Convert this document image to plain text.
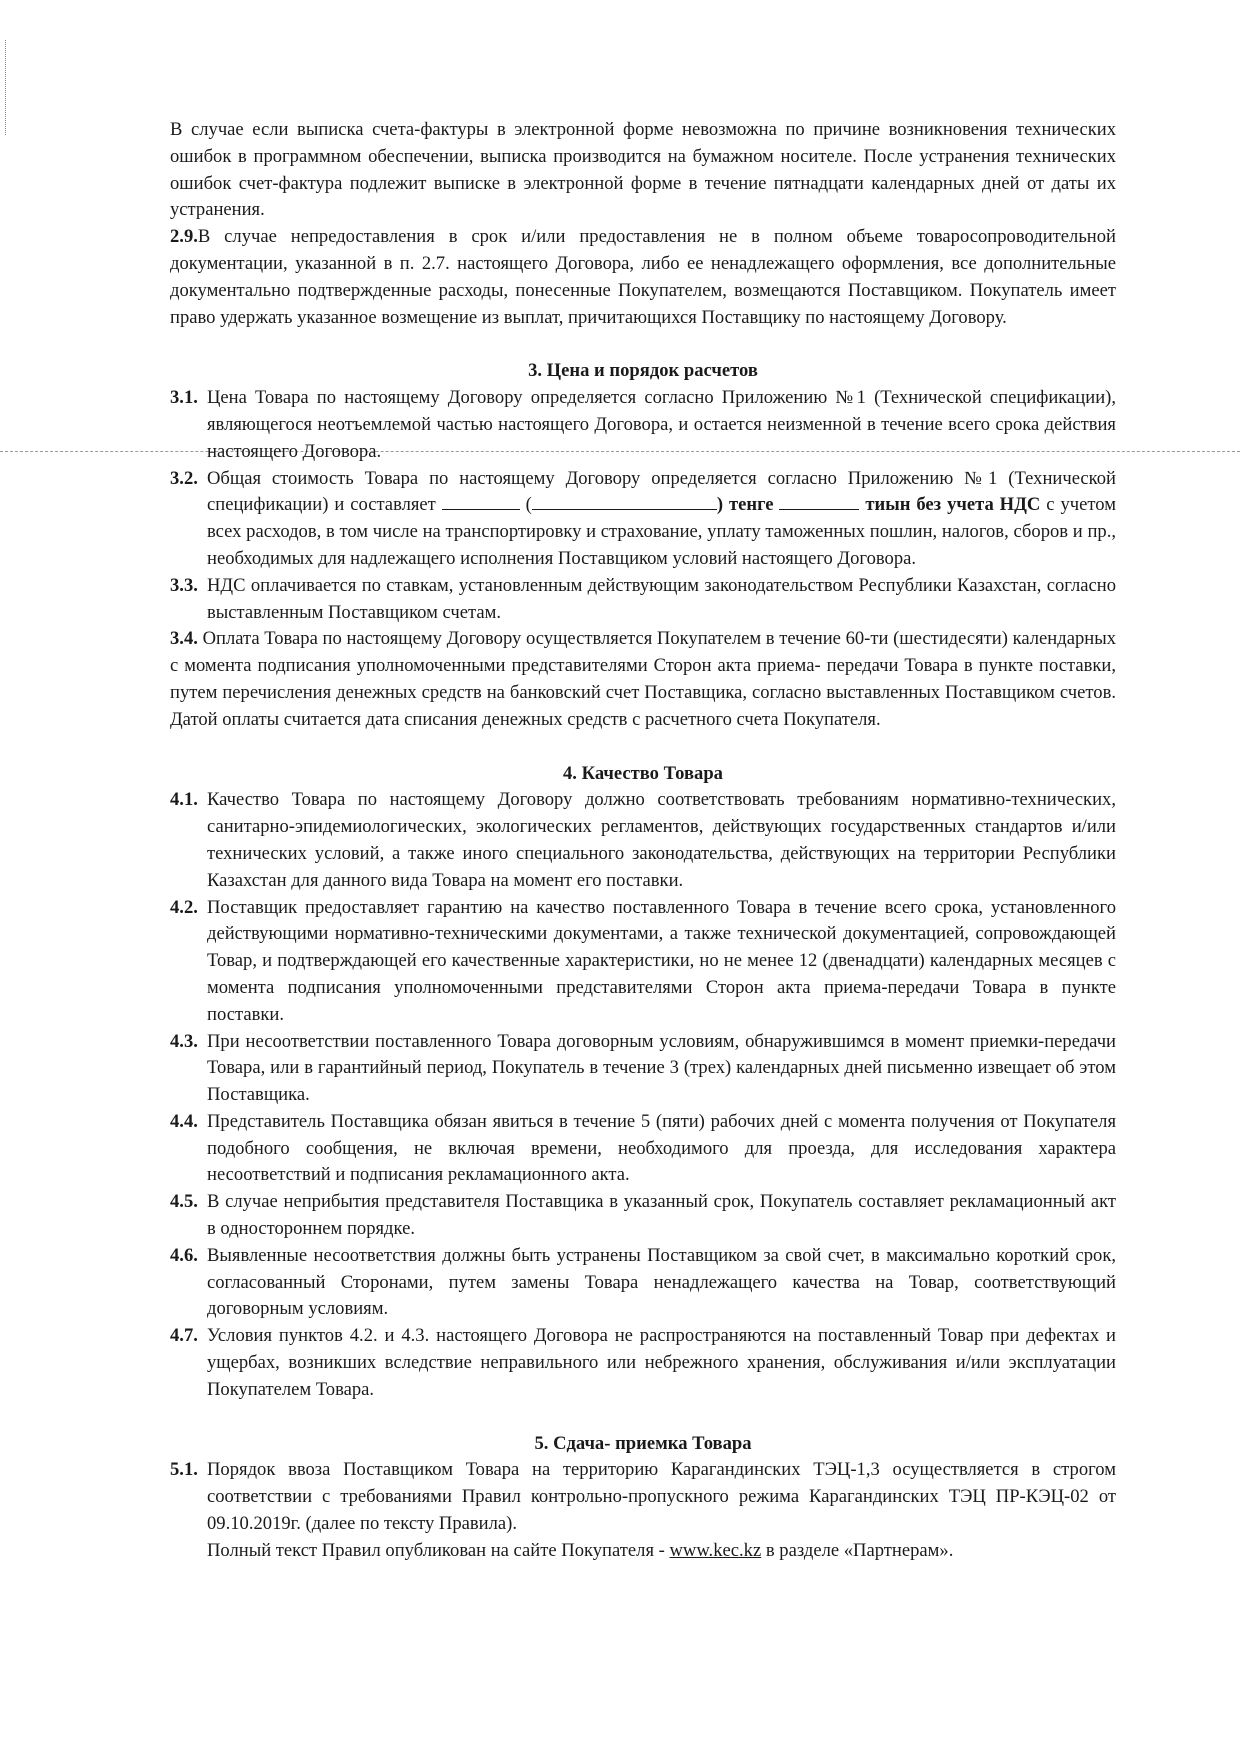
В случае если выписка счета-фактуры в электронной форме невозможна по причине возникновения технических ошибок в программном обеспечении, выписка производится на бумажном носителе. После устранения технических ошибок счет-фактура подлежит выписке в электронной форме в течение пятнадцати календарных дней от даты их устранения.

2.9.В случае непредоставления в срок и/или предоставления не в полном объеме товаросопроводительной документации, указанной в п. 2.7. настоящего Договора, либо ее ненадлежащего оформления, все дополнительные документально подтвержденные расходы, понесенные Покупателем, возмещаются Поставщиком. Покупатель имеет право удержать указанное возмещение из выплат, причитающихся Поставщику по настоящему Договору.

3. Цена и порядок расчетов
3.1. Цена Товара по настоящему Договору определяется согласно Приложению №1 (Технической спецификации), являющегося неотъемлемой частью настоящего Договора, и остается неизменной в течение всего срока действия настоящего Договора.
3.2. Общая стоимость Товара по настоящему Договору определяется согласно Приложению №1 (Технической спецификации) и составляет	(	) тенге	тиын без учета НДС с учетом всех расходов, в том числе на транспортировку и страхование, уплату таможенных пошлин, налогов, сборов и пр., необходимых для надлежащего исполнения Поставщиком условий настоящего Договора.
3.3. НДС оплачивается по ставкам, установленным действующим законодательством Республики Казахстан, согласно выставленным Поставщиком счетам.

3.4. Оплата Товара по настоящему Договору осуществляется Покупателем в течение 60-ти (шестидесяти) календарных с момента подписания уполномоченными представителями Сторон акта приема- передачи Товара в пункте поставки, путем перечисления денежных средств на банковский счет Поставщика, согласно выставленных Поставщиком счетов. Датой оплаты считается дата списания денежных средств с расчетного счета Покупателя.

4. Качество Товара
4.1. Качество Товара по настоящему Договору должно соответствовать требованиям нормативно-технических, санитарно-эпидемиологических, экологических регламентов, действующих государственных стандартов и/или технических условий, а также иного специального законодательства, действующих на территории Республики Казахстан для данного вида Товара на момент его поставки.
4.2. Поставщик предоставляет гарантию на качество поставленного Товара в течение всего срока, установленного действующими нормативно-техническими документами, а также технической документацией, сопровождающей Товар, и подтверждающей его качественные характеристики, но не менее 12 (двенадцати) календарных месяцев с момента подписания уполномоченными представителями Сторон акта приема-передачи Товара в пункте поставки.
4.3. При несоответствии поставленного Товара договорным условиям, обнаружившимся в момент приемки-передачи Товара, или в гарантийный период, Покупатель в течение 3 (трех) календарных дней письменно извещает об этом Поставщика.
4.4. Представитель Поставщика обязан явиться в течение 5 (пяти) рабочих дней с момента получения от Покупателя подобного сообщения, не включая времени, необходимого для проезда, для исследования характера несоответствий и подписания рекламационного акта.
4.5. В случае неприбытия представителя Поставщика в указанный срок, Покупатель составляет рекламационный акт в одностороннем порядке.
4.6. Выявленные несоответствия должны быть устранены Поставщиком за свой счет, в максимально короткий срок, согласованный Сторонами, путем замены Товара ненадлежащего качества на Товар, соответствующий договорным условиям.
4.7. Условия пунктов 4.2. и 4.3. настоящего Договора не распространяются на поставленный Товар при дефектах и ущербах, возникших вследствие неправильного или небрежного хранения, обслуживания и/или эксплуатации Покупателем Товара.
5. Сдача- приемка Товара
5.1. Порядок ввоза Поставщиком Товара на территорию Карагандинских ТЭЦ-1,3 осуществляется в строгом соответствии с требованиями Правил контрольно-пропускного режима Карагандинских ТЭЦ ПР-КЭЦ-02 от 09.10.2019г. (далее по тексту Правила).
Полный текст Правил опубликован на сайте Покупателя - www.kec.kz в разделе «Партнерам».
